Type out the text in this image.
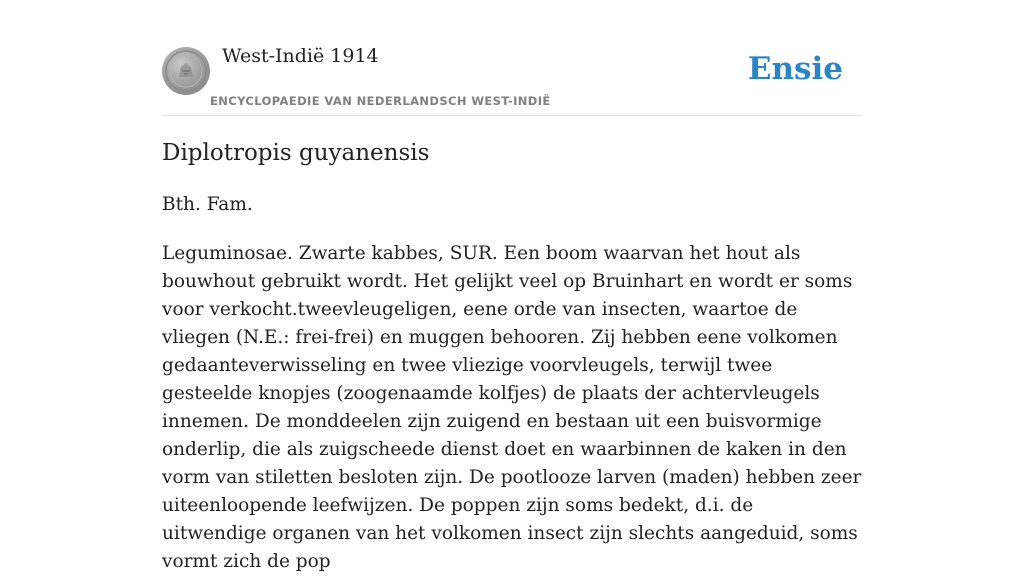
West-Indië 1914
ENCYCLOPAEDIE VAN NEDERLANDSCH WEST-INDIË
Ensie
Diplotropis guyanensis

Bth. Fam.

Leguminosae. Zwarte kabbes, SUR. Een boom waarvan het hout als bouwhout gebruikt wordt. Het gelijkt veel op Bruinhart en wordt er soms voor verkocht.tweevleugeligen, eene orde van insecten, waartoe de vliegen (N.E.: frei-frei) en muggen behooren. Zij hebben eene volkomen gedaanteverwisseling en twee vliezige voorvleugels, terwijl twee gesteelde knopjes (zoogenaamde kolfjes) de plaats der achtervleugels innemen. De monddeelen zijn zuigend en bestaan uit een buisvormige onderlip, die als zuigscheede dienst doet en waarbinnen de kaken in den vorm van stiletten besloten zijn. De pootlooze larven (maden) hebben zeer uiteenloopende leefwijzen. De poppen zijn soms bedekt, d.i. de uitwendige organen van het volkomen insect zijn slechts aangeduid, soms vormt zich de pop
